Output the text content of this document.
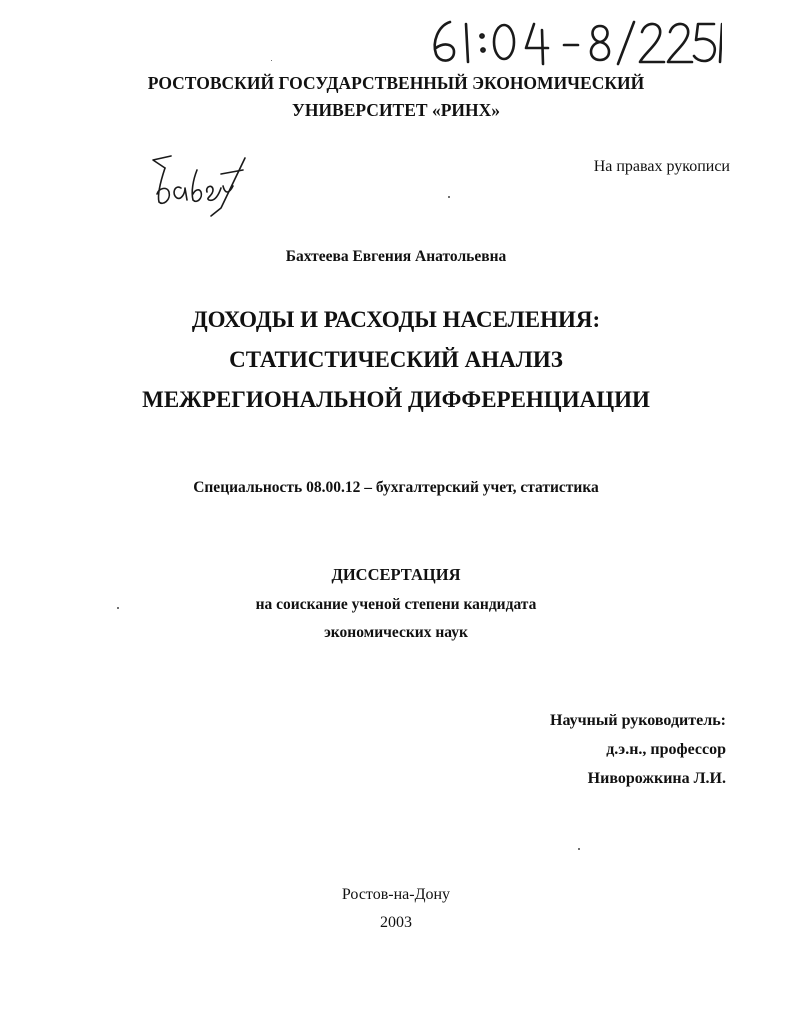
РОСТОВСКИЙ ГОСУДАРСТВЕННЫЙ ЭКОНОМИЧЕСКИЙ
УНИВЕРСИТЕТ «РИНХ»
На правах рукописи
Бахтеева Евгения Анатольевна
ДОХОДЫ И РАСХОДЫ НАСЕЛЕНИЯ:
СТАТИСТИЧЕСКИЙ АНАЛИЗ
МЕЖРЕГИОНАЛЬНОЙ ДИФФЕРЕНЦИАЦИИ
Специальность 08.00.12 – бухгалтерский учет, статистика
ДИССЕРТАЦИЯ
на соискание ученой степени кандидата
экономических наук
Научный руководитель:
д.э.н., профессор
Ниворожкина Л.И.
Ростов-на-Дону
2003
